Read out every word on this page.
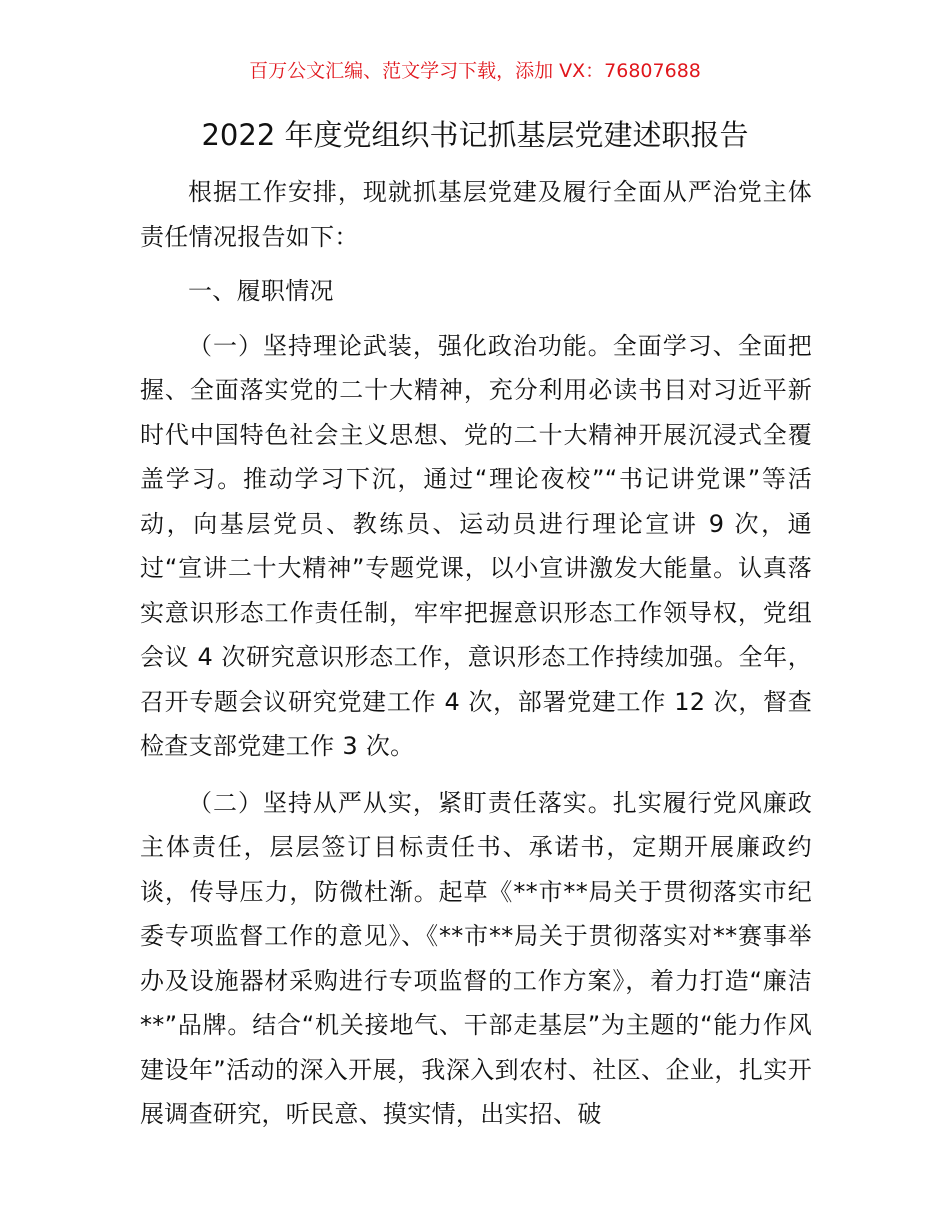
百万公文汇编、范文学习下载，添加 VX：76807688
2022 年度党组织书记抓基层党建述职报告

根据工作安排，现就抓基层党建及履行全面从严治党主体责任情况报告如下：

一、履职情况

（一）坚持理论武装，强化政治功能。全面学习、全面把握、全面落实党的二十大精神，充分利用必读书目对习近平新时代中国特色社会主义思想、党的二十大精神开展沉浸式全覆盖学习。推动学习下沉，通过“理论夜校”“书记讲党课”等活动，向基层党员、教练员、运动员进行理论宣讲 9 次，通过“宣讲二十大精神”专题党课，以小宣讲激发大能量。认真落实意识形态工作责任制，牢牢把握意识形态工作领导权，党组会议 4 次研究意识形态工作，意识形态工作持续加强。全年，召开专题会议研究党建工作 4 次，部署党建工作 12 次，督查检查支部党建工作 3 次。

（二）坚持从严从实，紧盯责任落实。扎实履行党风廉政主体责任，层层签订目标责任书、承诺书，定期开展廉政约谈，传导压力，防微杜渐。起草《**市**局关于贯彻落实市纪委专项监督工作的意见》、《**市**局关于贯彻落实对**赛事举办及设施器材采购进行专项监督的工作方案》，着力打造“廉洁**”品牌。结合“机关接地气、干部走基层”为主题的“能力作风建设年”活动的深入开展，我深入到农村、社区、企业，扎实开展调查研究，听民意、摸实情，出实招、破
